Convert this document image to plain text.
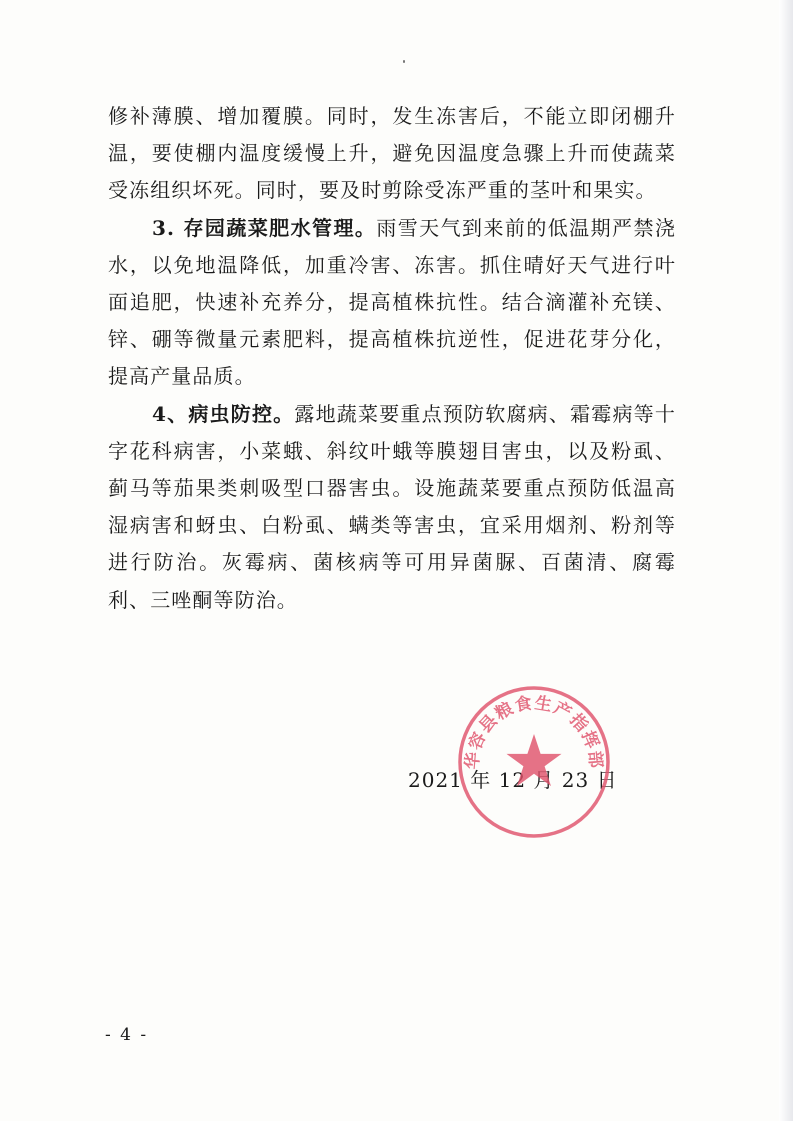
修补薄膜、增加覆膜。同时，发生冻害后，不能立即闭棚升温，要使棚内温度缓慢上升，避免因温度急骤上升而使蔬菜受冻组织坏死。同时，要及时剪除受冻严重的茎叶和果实。

3. 存园蔬菜肥水管理。雨雪天气到来前的低温期严禁浇水，以免地温降低，加重冷害、冻害。抓住晴好天气进行叶面追肥，快速补充养分，提高植株抗性。结合滴灌补充镁、锌、硼等微量元素肥料，提高植株抗逆性，促进花芽分化，提高产量品质。

4、病虫防控。露地蔬菜要重点预防软腐病、霜霉病等十字花科病害，小菜蛾、斜纹叶蛾等膜翅目害虫，以及粉虱、蓟马等茄果类刺吸型口器害虫。设施蔬菜要重点预防低温高湿病害和蚜虫、白粉虱、螨类等害虫，宜采用烟剂、粉剂等进行防治。灰霉病、菌核病等可用异菌脲、百菌清、腐霉利、三唑酮等防治。

2021 年 12 月 23 日
华容县粮食生产指挥部
- 4 -
